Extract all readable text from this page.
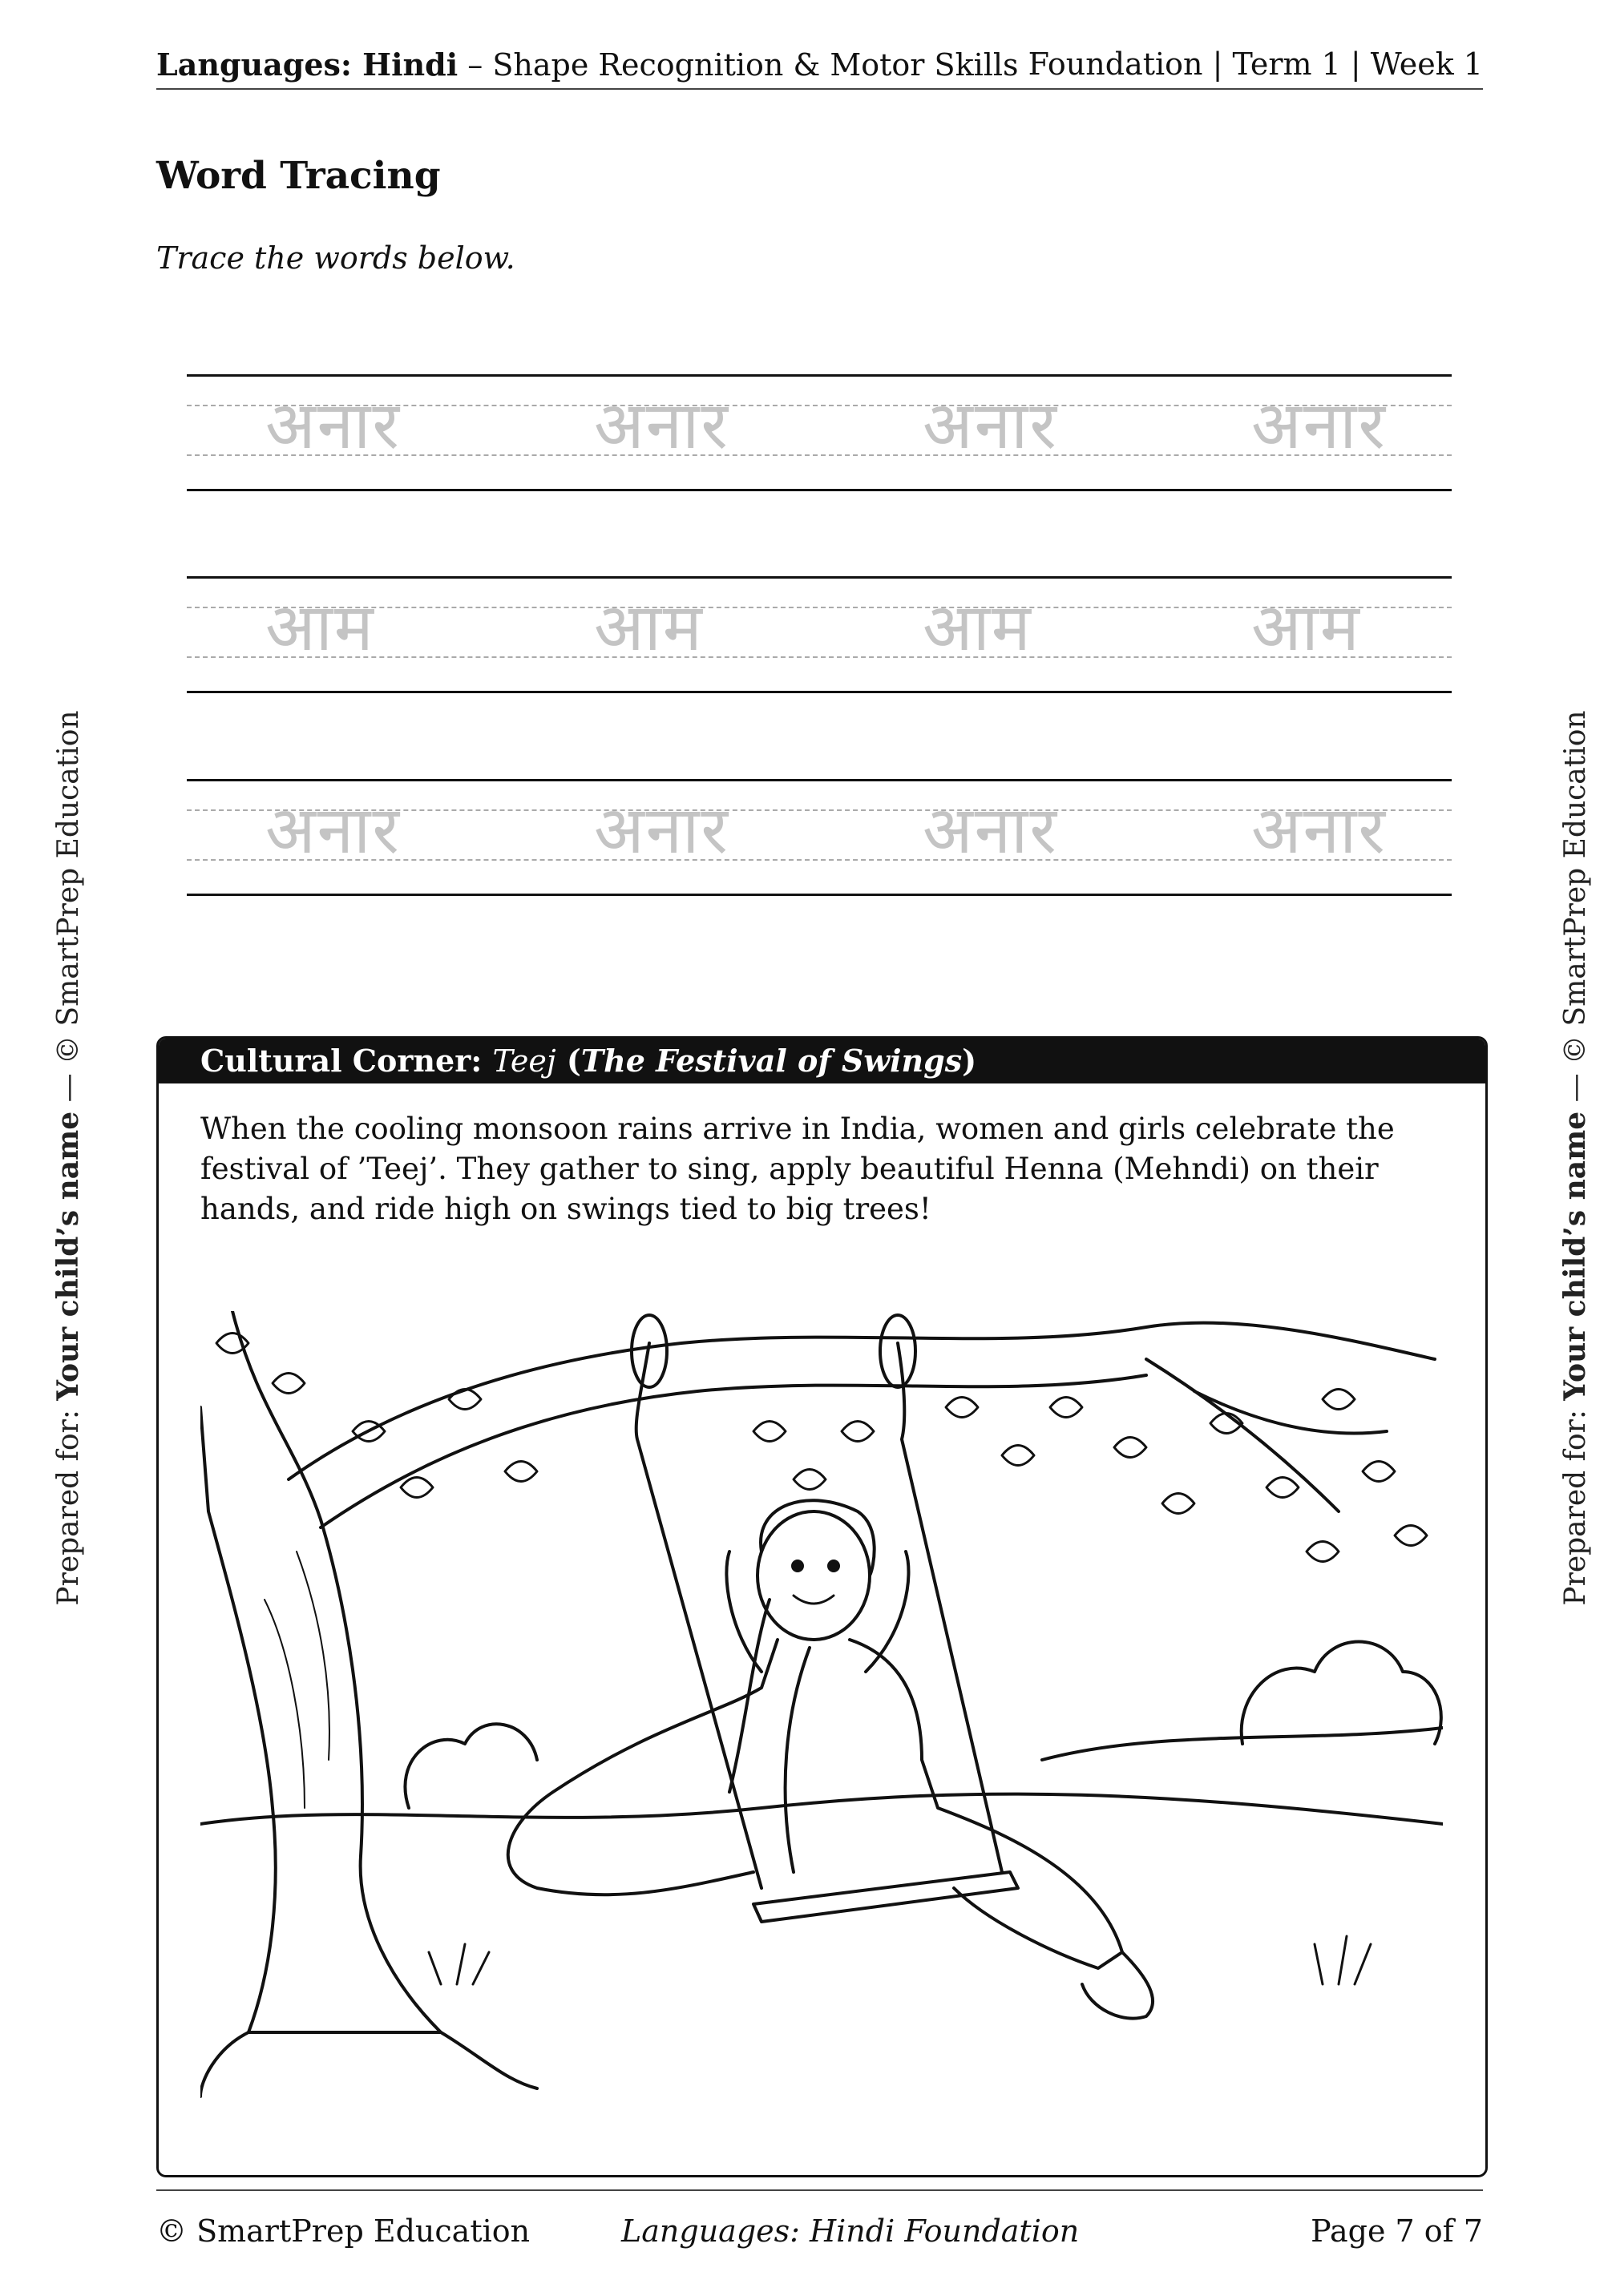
Languages: Hindi – Shape Recognition & Motor Skills Foundation | Term 1 | Week 1
Word Tracing
Trace the words below.
अनार	अनार	अनार	अनार
आम	आम	आम	आम
अनार	अनार	अनार	अनार
Prepared for: Your child’s name — © SmartPrep Education
Prepared for: Your child’s name — © SmartPrep Education
Cultural Corner: Teej (The Festival of Swings)
When the cooling monsoon rains arrive in India, women and girls celebrate the festival of ’Teej’. They gather to sing, apply beautiful Henna (Mehndi) on their hands, and ride high on swings tied to big trees!
© SmartPrep Education	Languages: Hindi Foundation	Page 7 of 7
